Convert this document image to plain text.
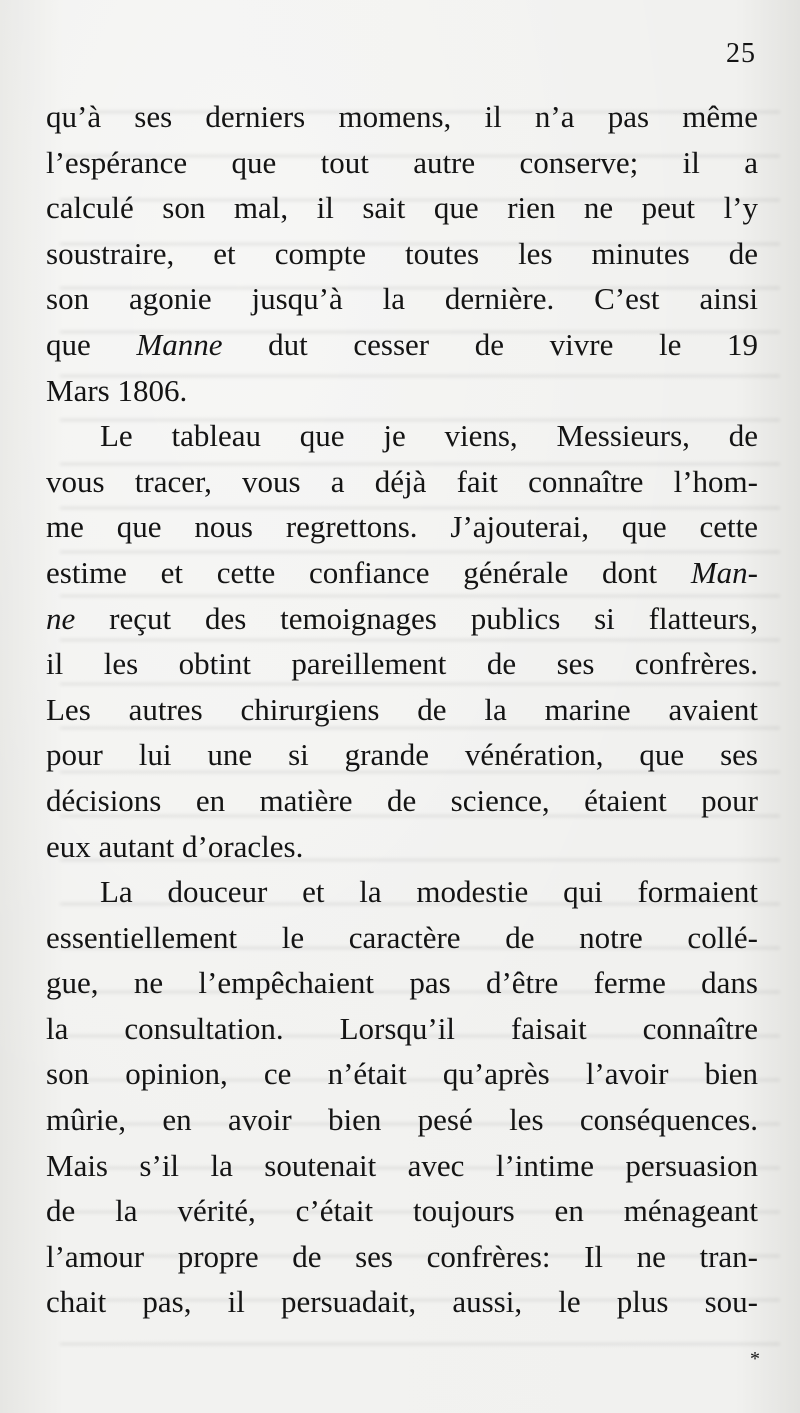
25
qu’à ses derniers momens, il n’a pas même
l’espérance que tout autre conserve; il a
calculé son mal, il sait que rien ne peut l’y
soustraire, et compte toutes les minutes de
son agonie jusqu’à la dernière. C’est ainsi
que Manne dut cesser de vivre le 19
Mars 1806.
Le tableau que je viens, Messieurs, de
vous tracer, vous a déjà fait connaître l’hom-
me que nous regrettons. J’ajouterai, que cette
estime et cette confiance générale dont Man-
ne reçut des temoignages publics si flatteurs,
il les obtint pareillement de ses confrères.
Les autres chirurgiens de la marine avaient
pour lui une si grande vénération, que ses
décisions en matière de science, étaient pour
eux autant d’oracles.
La douceur et la modestie qui formaient
essentiellement le caractère de notre collé-
gue, ne l’empêchaient pas d’être ferme dans
la consultation. Lorsqu’il faisait connaître
son opinion, ce n’était qu’après l’avoir bien
mûrie, en avoir bien pesé les conséquences.
Mais s’il la soutenait avec l’intime persuasion
de la vérité, c’était toujours en ménageant
l’amour propre de ses confrères: Il ne tran-
chait pas, il persuadait, aussi, le plus sou-
*
